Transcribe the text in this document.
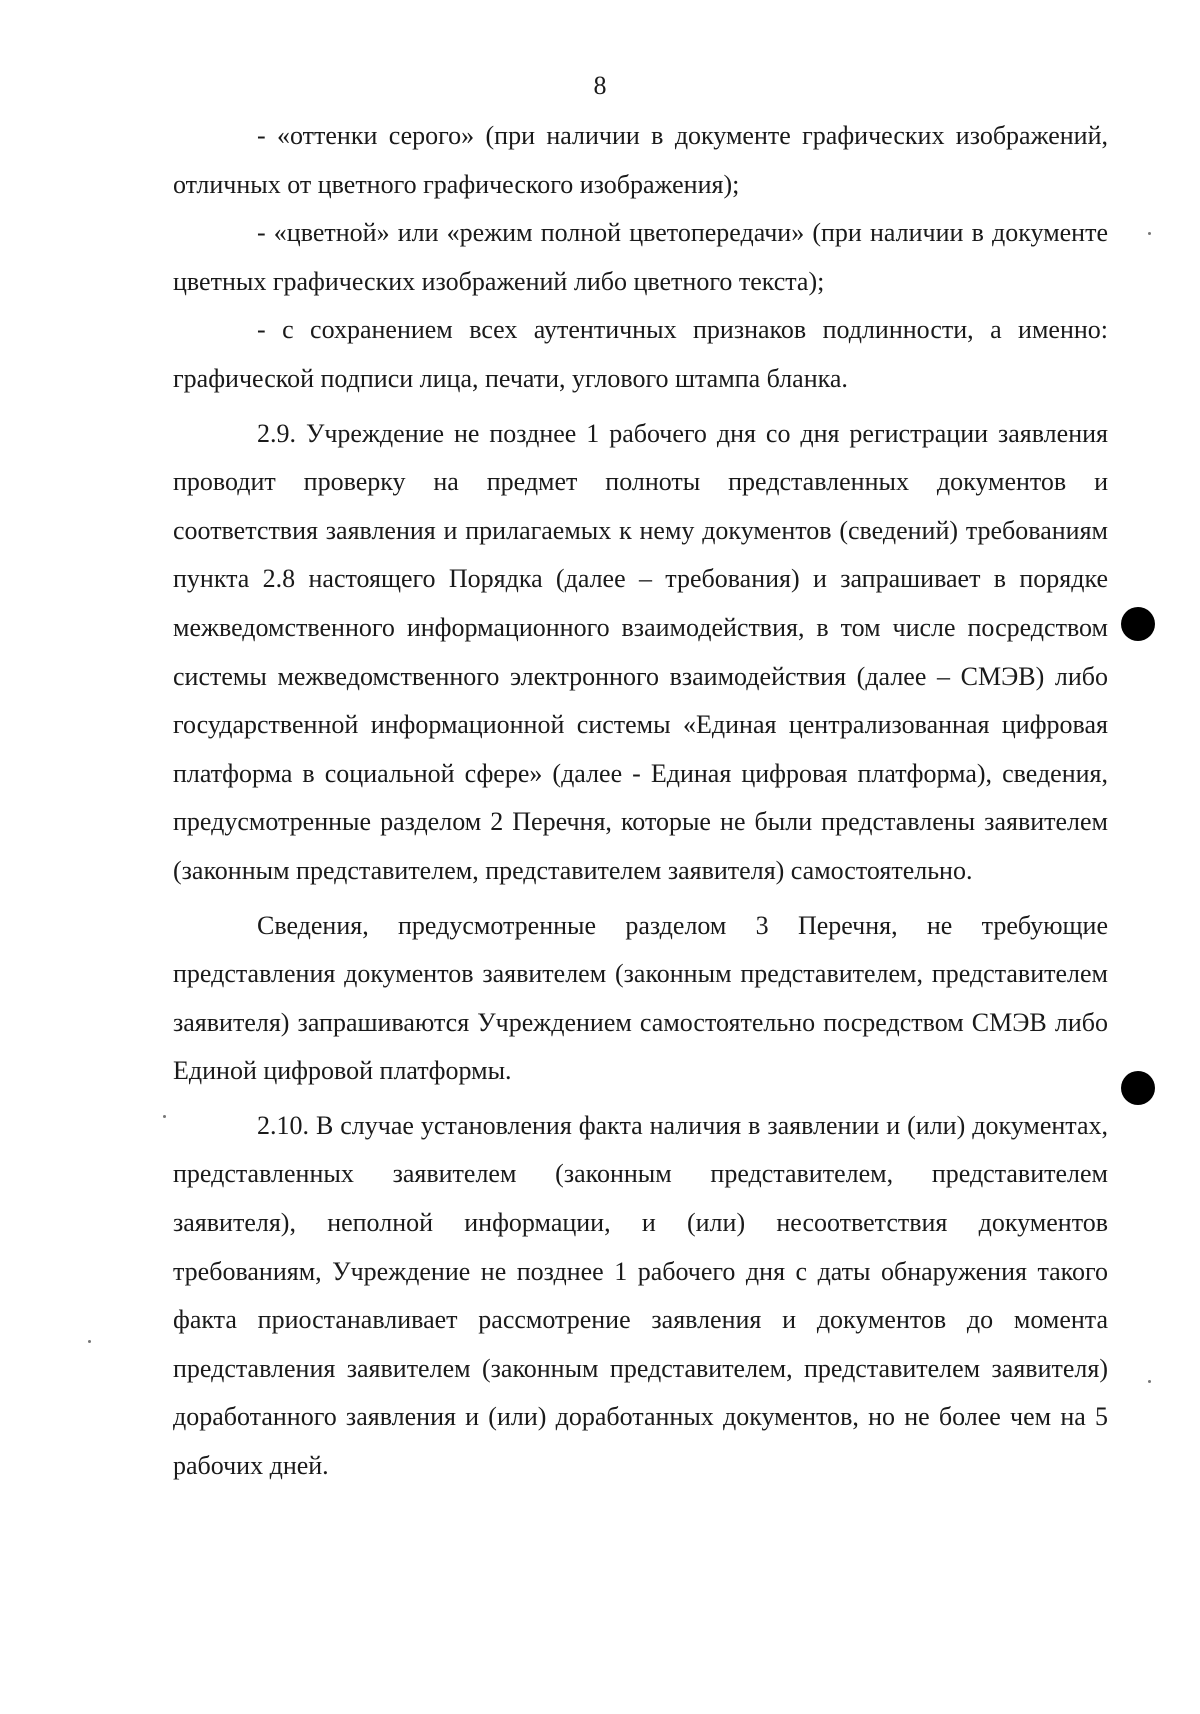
8

- «оттенки серого» (при наличии в документе графических изображений, отличных от цветного графического изображения);

- «цветной» или «режим полной цветопередачи» (при наличии в документе цветных графических изображений либо цветного текста);

- с сохранением всех аутентичных признаков подлинности, а именно: графической подписи лица, печати, углового штампа бланка.

2.9. Учреждение не позднее 1 рабочего дня со дня регистрации заявления проводит проверку на предмет полноты представленных документов и соответствия заявления и прилагаемых к нему документов (сведений) требованиям пункта 2.8 настоящего Порядка (далее – требования) и запрашивает в порядке межведомственного информационного взаимодействия, в том числе посредством системы межведомственного электронного взаимодействия (далее – СМЭВ) либо государственной информационной системы «Единая централизованная цифровая платформа в социальной сфере» (далее - Единая цифровая платформа), сведения, предусмотренные разделом 2 Перечня, которые не были представлены заявителем (законным представителем, представителем заявителя) самостоятельно.

Сведения, предусмотренные разделом 3 Перечня, не требующие представления документов заявителем (законным представителем, представителем заявителя) запрашиваются Учреждением самостоятельно посредством СМЭВ либо Единой цифровой платформы.

2.10. В случае установления факта наличия в заявлении и (или) документах, представленных заявителем (законным представителем, представителем заявителя), неполной информации, и (или) несоответствия документов требованиям, Учреждение не позднее 1 рабочего дня с даты обнаружения такого факта приостанавливает рассмотрение заявления и документов до момента представления заявителем (законным представителем, представителем заявителя) доработанного заявления и (или) доработанных документов, но не более чем на 5 рабочих дней.
